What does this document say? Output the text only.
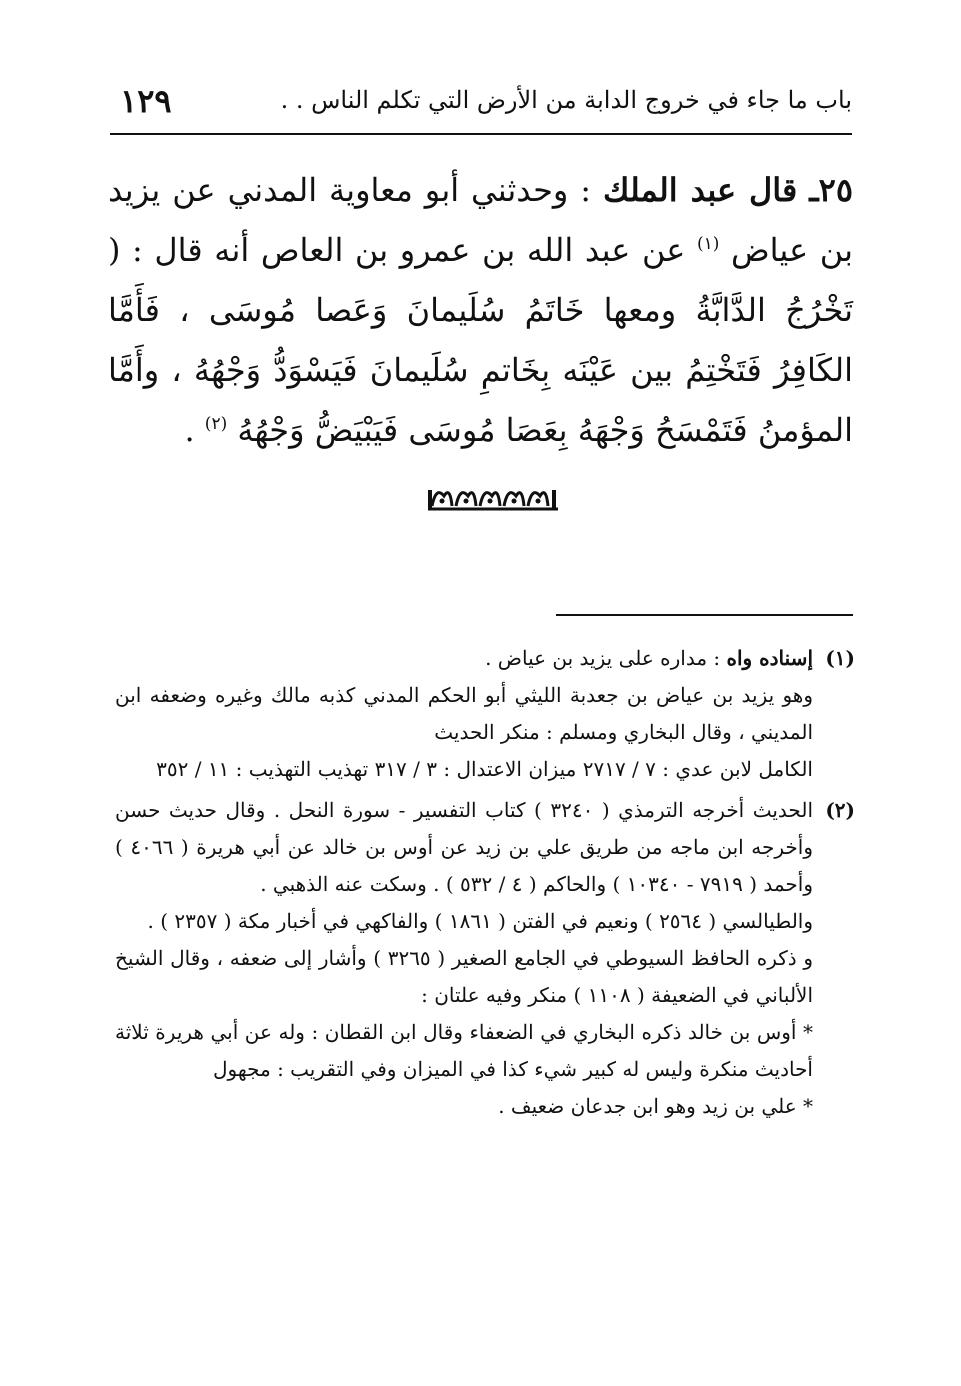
باب ما جاء في خروج الدابة من الأرض التي تكلم الناس . .
١٢٩
٢٥ـ قال عبد الملك : وحدثني أبو معاوية المدني عن يزيد بن عياض $^{(١)}$ عن عبد الله بن عمرو بن العاص أنه قال : ( تَخْرُجُ الدَّابَّةُ ومعها خَاتَمُ سُلَيمانَ وَعَصا مُوسَى ، فَأَمَّا الكَافِرُ فَتَخْتِمُ بين عَيْنَه بِخَاتمِ سُلَيمانَ فَيَسْوَدُّ وَجْهُهُ ، وأَمَّا المؤمنُ فَتَمْسَحُ وَجْهَهُ بِعَصَا مُوسَى فَيَبْيَضُّ وَجْهُهُ $^{(٢)}$ .
(١)

إسناده واه : مداره على يزيد بن عياض .

وهو يزيد بن عياض بن جعدبة الليثي أبو الحكم المدني كذبه مالك وغيره وضعفه ابن المديني ، وقال البخاري ومسلم : منكر الحديث

الكامل لابن عدي : ٧ / ٢٧١٧ ميزان الاعتدال : ٣ / ٣١٧ تهذيب التهذيب : ١١ / ٣٥٢

(٢)

الحديث أخرجه الترمذي ( ٣٢٤٠ ) كتاب التفسير - سورة النحل . وقال حديث حسن وأخرجه ابن ماجه من طريق علي بن زيد عن أوس بن خالد عن أبي هريرة ( ٤٠٦٦ ) وأحمد ( ٧٩١٩ - ١٠٣٤٠ ) والحاكم ( ٤ / ٥٣٢ ) . وسكت عنه الذهبي .

والطيالسي ( ٢٥٦٤ ) ونعيم في الفتن ( ١٨٦١ ) والفاكهي في أخبار مكة ( ٢٣٥٧ ) .

و ذكره الحافظ السيوطي في الجامع الصغير ( ٣٢٦٥ ) وأشار إلى ضعفه ، وقال الشيخ الألباني في الضعيفة ( ١١٠٨ ) منكر وفيه علتان :

* أوس بن خالد ذكره البخاري في الضعفاء وقال ابن القطان : وله عن أبي هريرة ثلاثة أحاديث منكرة وليس له كبير شيء كذا في الميزان وفي التقريب : مجهول

* علي بن زيد وهو ابن جدعان ضعيف .
